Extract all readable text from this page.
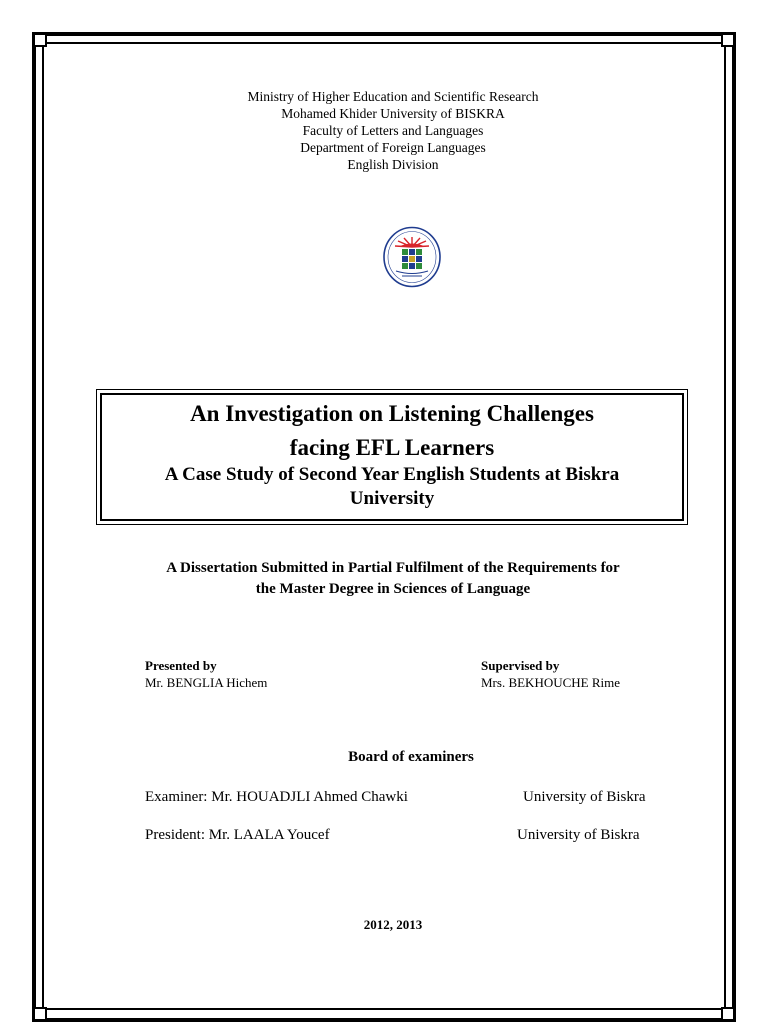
Ministry of Higher Education and Scientific Research
Mohamed Khider University of BISKRA
Faculty of Letters and Languages
Department of Foreign Languages
English Division
An Investigation on Listening Challenges
facing EFL Learners
A Case Study of Second Year English Students at Biskra
University
A Dissertation Submitted in Partial Fulfilment of the Requirements for
the Master Degree in Sciences of Language
Presented by
Mr. BENGLIA Hichem
Supervised by
Mrs. BEKHOUCHE Rime
Board of examiners
Examiner: Mr. HOUADJLI Ahmed Chawki	University of Biskra
President: Mr. LAALA Youcef	University of Biskra
2012, 2013
